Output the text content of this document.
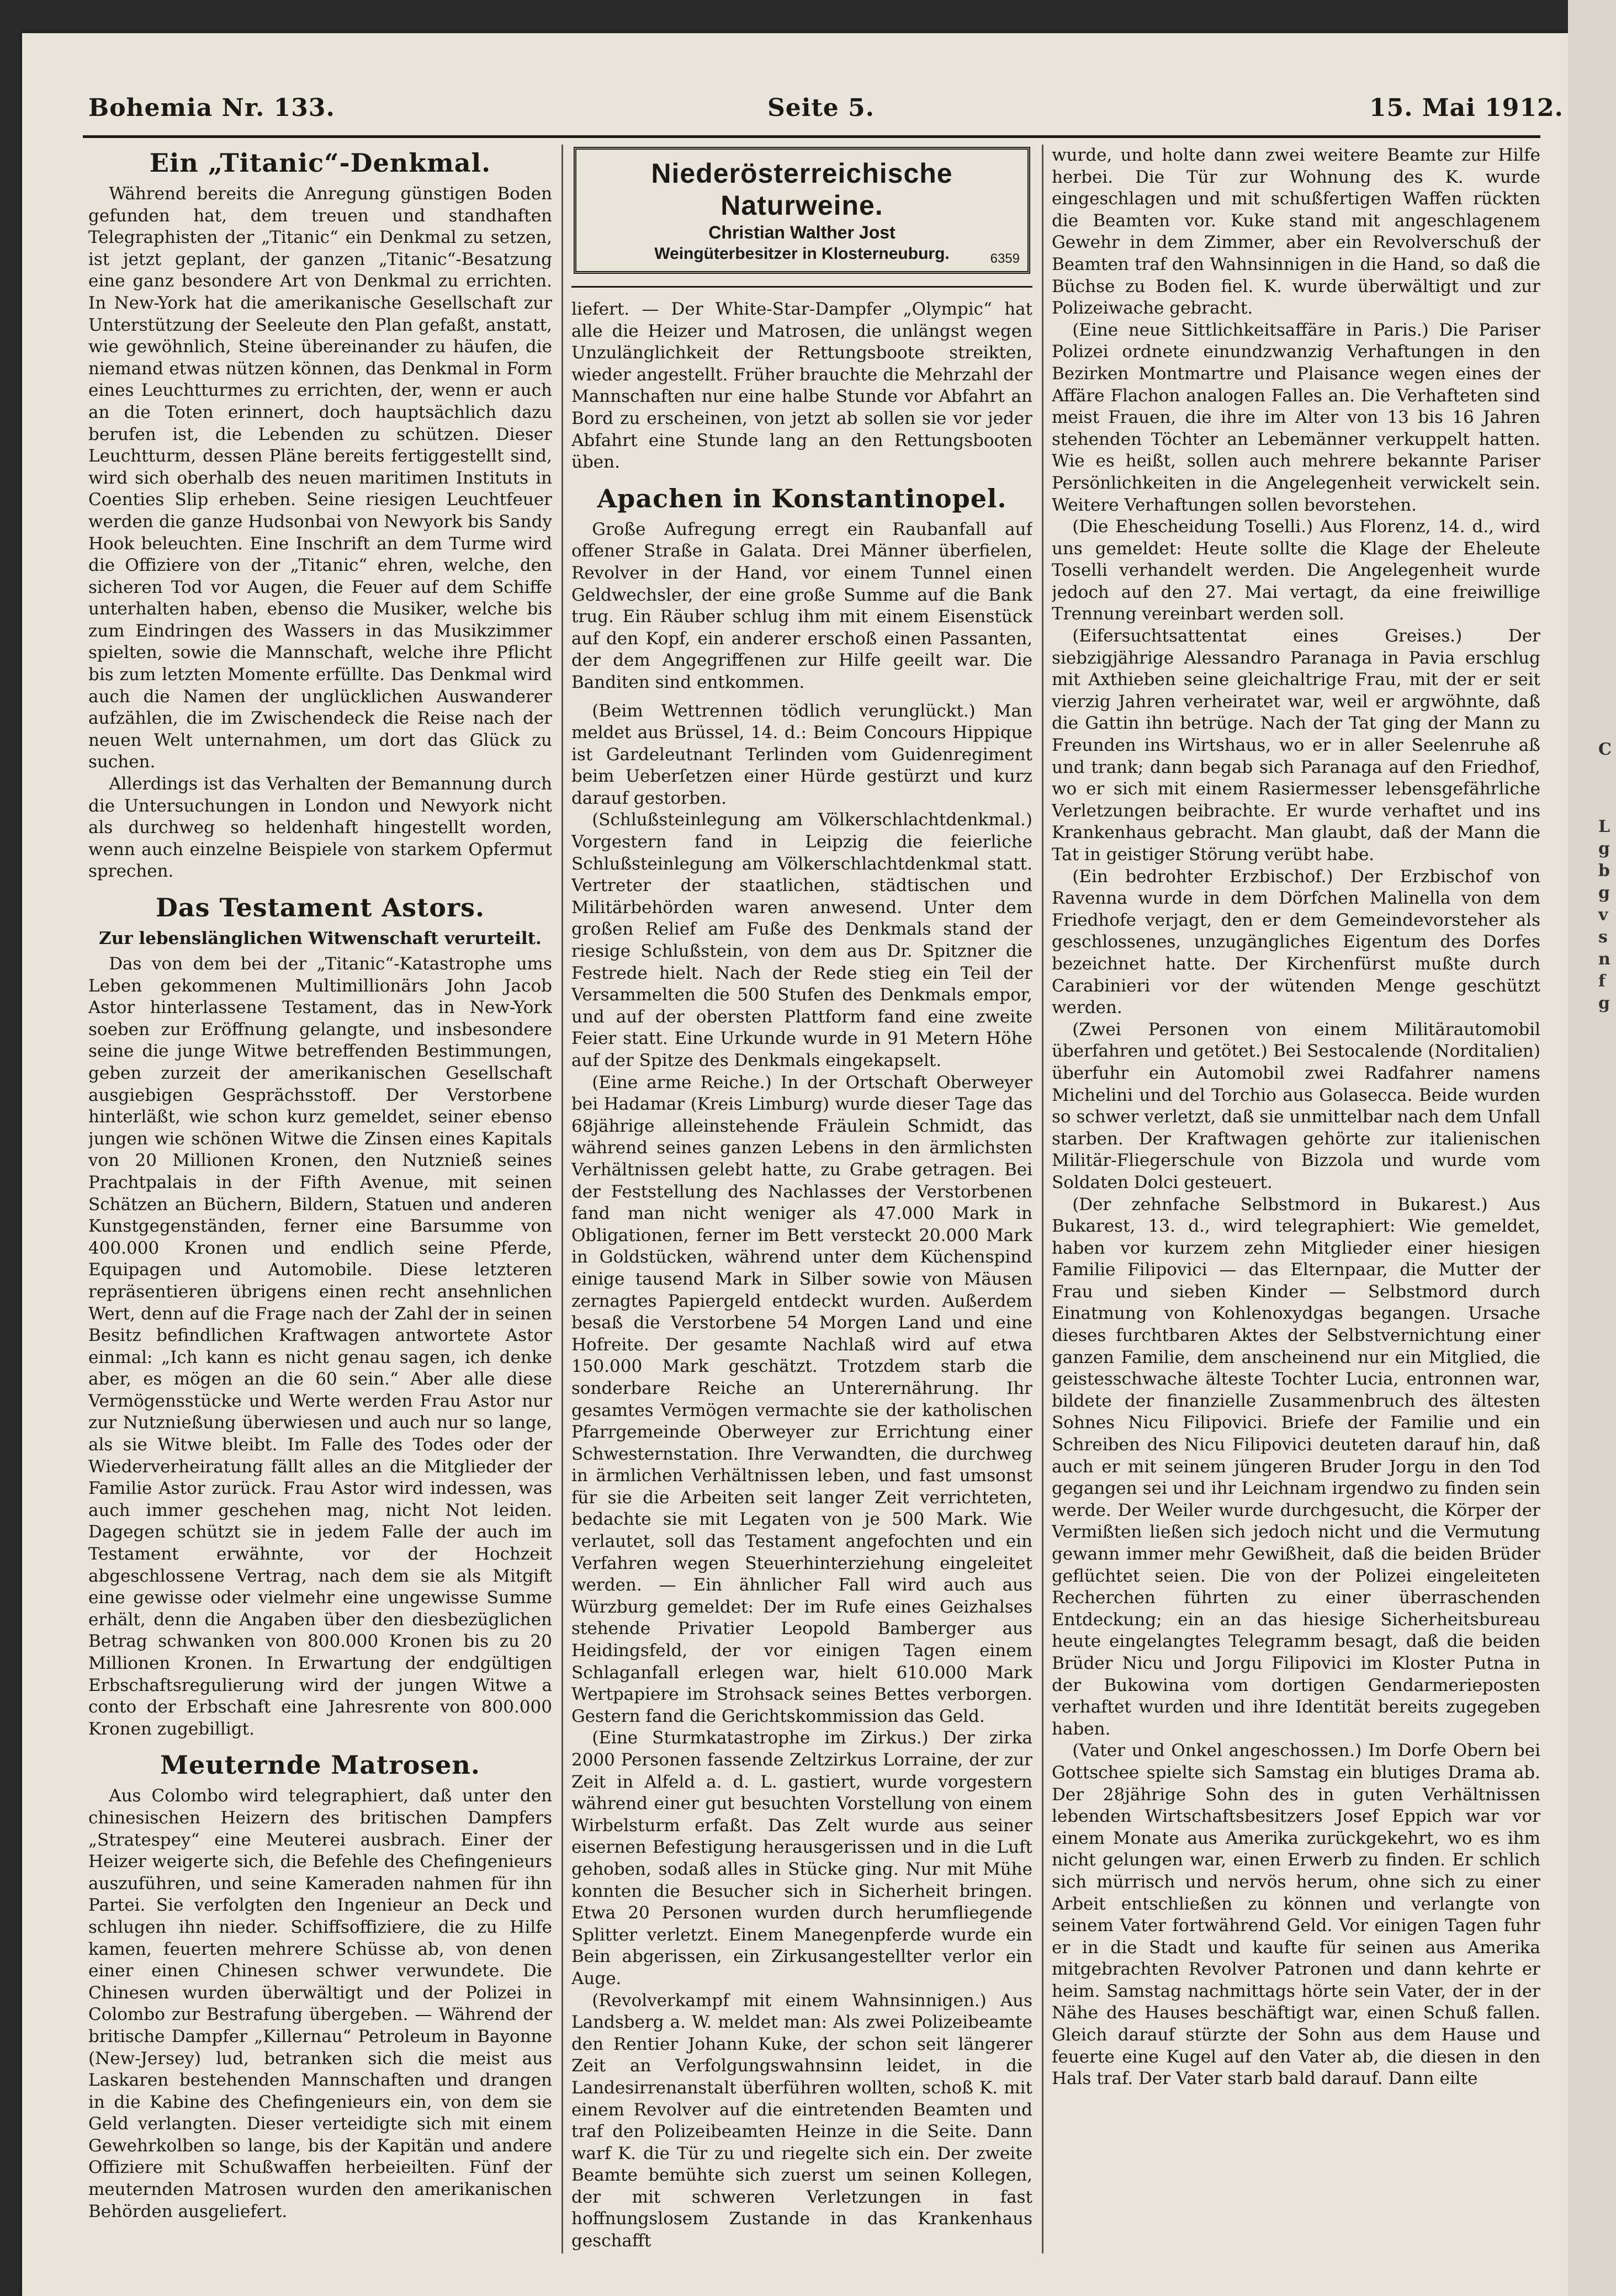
C
L
g
b
g
v
s
n
f
g
Bohemia Nr. 133.	Seite 5.	15. Mai 1912.
Ein „Titanic“-Denkmal.

Während bereits die Anregung günstigen Boden gefunden hat, dem treuen und standhaften Telegraphisten der „Titanic“ ein Denkmal zu setzen, ist jetzt geplant, der ganzen „Titanic“-Besatzung eine ganz besondere Art von Denkmal zu errichten. In New-York hat die amerikanische Gesellschaft zur Unterstützung der Seeleute den Plan gefaßt, anstatt, wie gewöhnlich, Steine übereinander zu häufen, die niemand etwas nützen können, das Denkmal in Form eines Leuchtturmes zu errichten, der, wenn er auch an die Toten erinnert, doch hauptsächlich dazu berufen ist, die Lebenden zu schützen. Dieser Leuchtturm, dessen Pläne bereits fertiggestellt sind, wird sich oberhalb des neuen maritimen Instituts in Coenties Slip erheben. Seine riesigen Leuchtfeuer werden die ganze Hudsonbai von Newyork bis Sandy Hook beleuchten. Eine Inschrift an dem Turme wird die Offiziere von der „Titanic“ ehren, welche, den sicheren Tod vor Augen, die Feuer auf dem Schiffe unterhalten haben, ebenso die Musiker, welche bis zum Eindringen des Wassers in das Musikzimmer spielten, sowie die Mannschaft, welche ihre Pflicht bis zum letzten Momente erfüllte. Das Denkmal wird auch die Namen der unglücklichen Auswanderer aufzählen, die im Zwischendeck die Reise nach der neuen Welt unternahmen, um dort das Glück zu suchen.

Allerdings ist das Verhalten der Bemannung durch die Untersuchungen in London und Newyork nicht als durchweg so heldenhaft hingestellt worden, wenn auch einzelne Beispiele von starkem Opfermut sprechen.

Das Testament Astors.
Zur lebenslänglichen Witwenschaft verurteilt.

Das von dem bei der „Titanic“-Katastrophe ums Leben gekommenen Multimillionärs John Jacob Astor hinterlassene Testament, das in New-York soeben zur Eröffnung gelangte, und insbesondere seine die junge Witwe betreffenden Bestimmungen, geben zurzeit der amerikanischen Gesellschaft ausgiebigen Gesprächsstoff. Der Verstorbene hinterläßt, wie schon kurz gemeldet, seiner ebenso jungen wie schönen Witwe die Zinsen eines Kapitals von 20 Millionen Kronen, den Nutznieß seines Prachtpalais in der Fifth Avenue, mit seinen Schätzen an Büchern, Bildern, Statuen und anderen Kunstgegenständen, ferner eine Barsumme von 400.000 Kronen und endlich seine Pferde, Equipagen und Automobile. Diese letzteren repräsentieren übrigens einen recht ansehnlichen Wert, denn auf die Frage nach der Zahl der in seinen Besitz befindlichen Kraftwagen antwortete Astor einmal: „Ich kann es nicht genau sagen, ich denke aber, es mögen an die 60 sein.“ Aber alle diese Vermögensstücke und Werte werden Frau Astor nur zur Nutznießung überwiesen und auch nur so lange, als sie Witwe bleibt. Im Falle des Todes oder der Wiederverheiratung fällt alles an die Mitglieder der Familie Astor zurück. Frau Astor wird indessen, was auch immer geschehen mag, nicht Not leiden. Dagegen schützt sie in jedem Falle der auch im Testament erwähnte, vor der Hochzeit abgeschlossene Vertrag, nach dem sie als Mitgift eine gewisse oder vielmehr eine ungewisse Summe erhält, denn die Angaben über den diesbezüglichen Betrag schwanken von 800.000 Kronen bis zu 20 Millionen Kronen. In Erwartung der endgültigen Erbschaftsregulierung wird der jungen Witwe a conto der Erbschaft eine Jahresrente von 800.000 Kronen zugebilligt.

Meuternde Matrosen.

Aus Colombo wird telegraphiert, daß unter den chinesischen Heizern des britischen Dampfers „Stratespey“ eine Meuterei ausbrach. Einer der Heizer weigerte sich, die Befehle des Chefingenieurs auszuführen, und seine Kameraden nahmen für ihn Partei. Sie verfolgten den Ingenieur an Deck und schlugen ihn nieder. Schiffsoffiziere, die zu Hilfe kamen, feuerten mehrere Schüsse ab, von denen einer einen Chinesen schwer verwundete. Die Chinesen wurden überwältigt und der Polizei in Colombo zur Bestrafung übergeben. — Während der britische Dampfer „Killernau“ Petroleum in Bayonne (New-Jersey) lud, betranken sich die meist aus Laskaren bestehenden Mannschaften und drangen in die Kabine des Chefingenieurs ein, von dem sie Geld verlangten. Dieser verteidigte sich mit einem Gewehrkolben so lange, bis der Kapitän und andere Offiziere mit Schußwaffen herbeieilten. Fünf der meuternden Matrosen wurden den amerikanischen Behörden ausgeliefert.

Niederösterreichische Naturweine.
Christian Walther Jost
Weingüterbesitzer in Klosterneuburg.	6359

liefert. — Der White-Star-Dampfer „Olympic“ hat alle die Heizer und Matrosen, die unlängst wegen Unzulänglichkeit der Rettungsboote streikten, wieder angestellt. Früher brauchte die Mehrzahl der Mannschaften nur eine halbe Stunde vor Abfahrt an Bord zu erscheinen, von jetzt ab sollen sie vor jeder Abfahrt eine Stunde lang an den Rettungsbooten üben.

Apachen in Konstantinopel.

Große Aufregung erregt ein Raubanfall auf offener Straße in Galata. Drei Männer überfielen, Revolver in der Hand, vor einem Tunnel einen Geldwechsler, der eine große Summe auf die Bank trug. Ein Räuber schlug ihm mit einem Eisenstück auf den Kopf, ein anderer erschoß einen Passanten, der dem Angegriffenen zur Hilfe geeilt war. Die Banditen sind entkommen.

(Beim Wettrennen tödlich verunglückt.) Man meldet aus Brüssel, 14. d.: Beim Concours Hippique ist Gardeleutnant Terlinden vom Guidenregiment beim Ueberſetzen einer Hürde gestürzt und kurz darauf gestorben.

(Schlußsteinlegung am Völkerschlachtdenkmal.) Vorgestern fand in Leipzig die feierliche Schlußsteinlegung am Völkerschlachtdenkmal statt. Vertreter der staatlichen, städtischen und Militärbehörden waren anwesend. Unter dem großen Relief am Fuße des Denkmals stand der riesige Schlußstein, von dem aus Dr. Spitzner die Festrede hielt. Nach der Rede stieg ein Teil der Versammelten die 500 Stufen des Denkmals empor, und auf der obersten Plattform fand eine zweite Feier statt. Eine Urkunde wurde in 91 Metern Höhe auf der Spitze des Denkmals eingekapselt.

(Eine arme Reiche.) In der Ortschaft Oberweyer bei Hadamar (Kreis Limburg) wurde dieser Tage das 68jährige alleinstehende Fräulein Schmidt, das während seines ganzen Lebens in den ärmlichsten Verhältnissen gelebt hatte, zu Grabe getragen. Bei der Feststellung des Nachlasses der Verstorbenen fand man nicht weniger als 47.000 Mark in Obligationen, ferner im Bett versteckt 20.000 Mark in Goldstücken, während unter dem Küchenspind einige tausend Mark in Silber sowie von Mäusen zernagtes Papiergeld entdeckt wurden. Außerdem besaß die Verstorbene 54 Morgen Land und eine Hofreite. Der gesamte Nachlaß wird auf etwa 150.000 Mark geschätzt. Trotzdem starb die sonderbare Reiche an Unterernährung. Ihr gesamtes Vermögen vermachte sie der katholischen Pfarrgemeinde Oberweyer zur Errichtung einer Schwesternstation. Ihre Verwandten, die durchweg in ärmlichen Verhältnissen leben, und fast umsonst für sie die Arbeiten seit langer Zeit verrichteten, bedachte sie mit Legaten von je 500 Mark. Wie verlautet, soll das Testament angefochten und ein Verfahren wegen Steuerhinterziehung eingeleitet werden. — Ein ähnlicher Fall wird auch aus Würzburg gemeldet: Der im Rufe eines Geizhalses stehende Privatier Leopold Bamberger aus Heidingsfeld, der vor einigen Tagen einem Schlaganfall erlegen war, hielt 610.000 Mark Wertpapiere im Strohsack seines Bettes verborgen. Gestern fand die Gerichtskommission das Geld.

(Eine Sturmkatastrophe im Zirkus.) Der zirka 2000 Personen fassende Zeltzirkus Lorraine, der zur Zeit in Alfeld a. d. L. gastiert, wurde vorgestern während einer gut besuchten Vorstellung von einem Wirbelsturm erfaßt. Das Zelt wurde aus seiner eisernen Befestigung herausgerissen und in die Luft gehoben, sodaß alles in Stücke ging. Nur mit Mühe konnten die Besucher sich in Sicherheit bringen. Etwa 20 Personen wurden durch herumfliegende Splitter verletzt. Einem Manegenpferde wurde ein Bein abgerissen, ein Zirkusangestellter verlor ein Auge.

(Revolverkampf mit einem Wahnsinnigen.) Aus Landsberg a. W. meldet man: Als zwei Polizeibeamte den Rentier Johann Kuke, der schon seit längerer Zeit an Verfolgungswahnsinn leidet, in die Landesirrenanstalt überführen wollten, schoß K. mit einem Revolver auf die eintretenden Beamten und traf den Polizeibeamten Heinze in die Seite. Dann warf K. die Tür zu und riegelte sich ein. Der zweite Beamte bemühte sich zuerst um seinen Kollegen, der mit schweren Verletzungen in fast hoffnungslosem Zustande in das Krankenhaus geschafft

wurde, und holte dann zwei weitere Beamte zur Hilfe herbei. Die Tür zur Wohnung des K. wurde eingeschlagen und mit schußfertigen Waffen rückten die Beamten vor. Kuke stand mit angeschlagenem Gewehr in dem Zimmer, aber ein Revolverschuß der Beamten traf den Wahnsinnigen in die Hand, so daß die Büchse zu Boden fiel. K. wurde überwältigt und zur Polizeiwache gebracht.

(Eine neue Sittlichkeitsaffäre in Paris.) Die Pariser Polizei ordnete einundzwanzig Verhaftungen in den Bezirken Montmartre und Plaisance wegen eines der Affäre Flachon analogen Falles an. Die Verhafteten sind meist Frauen, die ihre im Alter von 13 bis 16 Jahren stehenden Töchter an Lebemänner verkuppelt hatten. Wie es heißt, sollen auch mehrere bekannte Pariser Persönlichkeiten in die Angelegenheit verwickelt sein. Weitere Verhaftungen sollen bevorstehen.

(Die Ehescheidung Toselli.) Aus Florenz, 14. d., wird uns gemeldet: Heute sollte die Klage der Eheleute Toselli verhandelt werden. Die Angelegenheit wurde jedoch auf den 27. Mai vertagt, da eine freiwillige Trennung vereinbart werden soll.

(Eifersuchtsattentat eines Greises.) Der siebzigjährige Alessandro Paranaga in Pavia erschlug mit Axthieben seine gleichaltrige Frau, mit der er seit vierzig Jahren verheiratet war, weil er argwöhnte, daß die Gattin ihn betrüge. Nach der Tat ging der Mann zu Freunden ins Wirtshaus, wo er in aller Seelenruhe aß und trank; dann begab sich Paranaga auf den Friedhof, wo er sich mit einem Rasiermesser lebensgefährliche Verletzungen beibrachte. Er wurde verhaftet und ins Krankenhaus gebracht. Man glaubt, daß der Mann die Tat in geistiger Störung verübt habe.

(Ein bedrohter Erzbischof.) Der Erzbischof von Ravenna wurde in dem Dörfchen Malinella von dem Friedhofe verjagt, den er dem Gemeindevorsteher als geschlossenes, unzugängliches Eigentum des Dorfes bezeichnet hatte. Der Kirchenfürst mußte durch Carabinieri vor der wütenden Menge geschützt werden.

(Zwei Personen von einem Militärautomobil überfahren und getötet.) Bei Sestocalende (Norditalien) überfuhr ein Automobil zwei Radfahrer namens Michelini und del Torchio aus Golasecca. Beide wurden so schwer verletzt, daß sie unmittelbar nach dem Unfall starben. Der Kraftwagen gehörte zur italienischen Militär-Fliegerschule von Bizzola und wurde vom Soldaten Dolci gesteuert.

(Der zehnfache Selbstmord in Bukarest.) Aus Bukarest, 13. d., wird telegraphiert: Wie gemeldet, haben vor kurzem zehn Mitglieder einer hiesigen Familie Filipovici — das Elternpaar, die Mutter der Frau und sieben Kinder — Selbstmord durch Einatmung von Kohlenoxydgas begangen. Ursache dieses furchtbaren Aktes der Selbstvernichtung einer ganzen Familie, dem anscheinend nur ein Mitglied, die geistesschwache älteste Tochter Lucia, entronnen war, bildete der finanzielle Zusammenbruch des ältesten Sohnes Nicu Filipovici. Briefe der Familie und ein Schreiben des Nicu Filipovici deuteten darauf hin, daß auch er mit seinem jüngeren Bruder Jorgu in den Tod gegangen sei und ihr Leichnam irgendwo zu finden sein werde. Der Weiler wurde durchgesucht, die Körper der Vermißten ließen sich jedoch nicht und die Vermutung gewann immer mehr Gewißheit, daß die beiden Brüder geflüchtet seien. Die von der Polizei eingeleiteten Recherchen führten zu einer überraschenden Entdeckung; ein an das hiesige Sicherheitsbureau heute eingelangtes Telegramm besagt, daß die beiden Brüder Nicu und Jorgu Filipovici im Kloster Putna in der Bukowina vom dortigen Gendarmerieposten verhaftet wurden und ihre Identität bereits zugegeben haben.

(Vater und Onkel angeschossen.) Im Dorfe Obern bei Gottschee spielte sich Samstag ein blutiges Drama ab. Der 28jährige Sohn des in guten Verhältnissen lebenden Wirtschaftsbesitzers Josef Eppich war vor einem Monate aus Amerika zurückgekehrt, wo es ihm nicht gelungen war, einen Erwerb zu finden. Er schlich sich mürrisch und nervös herum, ohne sich zu einer Arbeit entschließen zu können und verlangte von seinem Vater fortwährend Geld. Vor einigen Tagen fuhr er in die Stadt und kaufte für seinen aus Amerika mitgebrachten Revolver Patronen und dann kehrte er heim. Samstag nachmittags hörte sein Vater, der in der Nähe des Hauses beschäftigt war, einen Schuß fallen. Gleich darauf stürzte der Sohn aus dem Hause und feuerte eine Kugel auf den Vater ab, die diesen in den Hals traf. Der Vater starb bald darauf. Dann eilte
